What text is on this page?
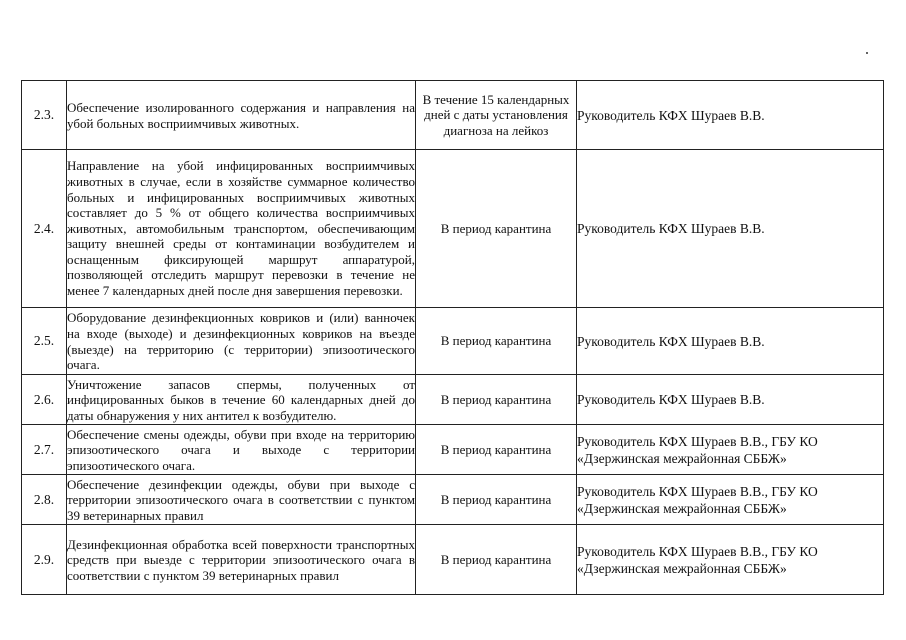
2.3.	Обеспечение изолированного содержания и направления на убой больных восприимчивых животных.	В течение 15 календарных дней с даты установления диагноза на лейкоз	Руководитель КФХ Шураев В.В.
2.4.	Направление на убой инфицированных восприимчивых животных в случае, если в хозяйстве суммарное количество больных и инфицированных восприимчивых животных составляет до 5 % от общего количества восприимчивых животных, автомобильным транспортом, обеспечивающим защиту внешней среды от контаминации возбудителем и оснащенным фиксирующей маршрут аппаратурой, позволяющей отследить маршрут перевозки в течение не менее 7 календарных дней после дня завершения перевозки.	В период карантина	Руководитель КФХ Шураев В.В.
2.5.	Оборудование дезинфекционных ковриков и (или) ванночек на входе (выходе) и дезинфекционных ковриков на въезде (выезде) на территорию (с территории) эпизоотического очага.	В период карантина	Руководитель КФХ Шураев В.В.
2.6.	Уничтожение запасов спермы, полученных от инфицированных быков в течение 60 календарных дней до даты обнаружения у них антител к возбудителю.	В период карантина	Руководитель КФХ Шураев В.В.
2.7.	Обеспечение смены одежды, обуви при входе на территорию эпизоотического очага и выходе с территории эпизоотического очага.	В период карантина	Руководитель КФХ Шураев В.В., ГБУ КО «Дзержинская межрайонная СББЖ»
2.8.	Обеспечение дезинфекции одежды, обуви при выходе с территории эпизоотического очага в соответствии с пунктом 39 ветеринарных правил	В период карантина	Руководитель КФХ Шураев В.В., ГБУ КО «Дзержинская межрайонная СББЖ»
2.9.	Дезинфекционная обработка всей поверхности транспортных средств при выезде с территории эпизоотического очага в соответствии с пунктом 39 ветеринарных правил	В период карантина	Руководитель КФХ Шураев В.В., ГБУ КО «Дзержинская межрайонная СББЖ»
